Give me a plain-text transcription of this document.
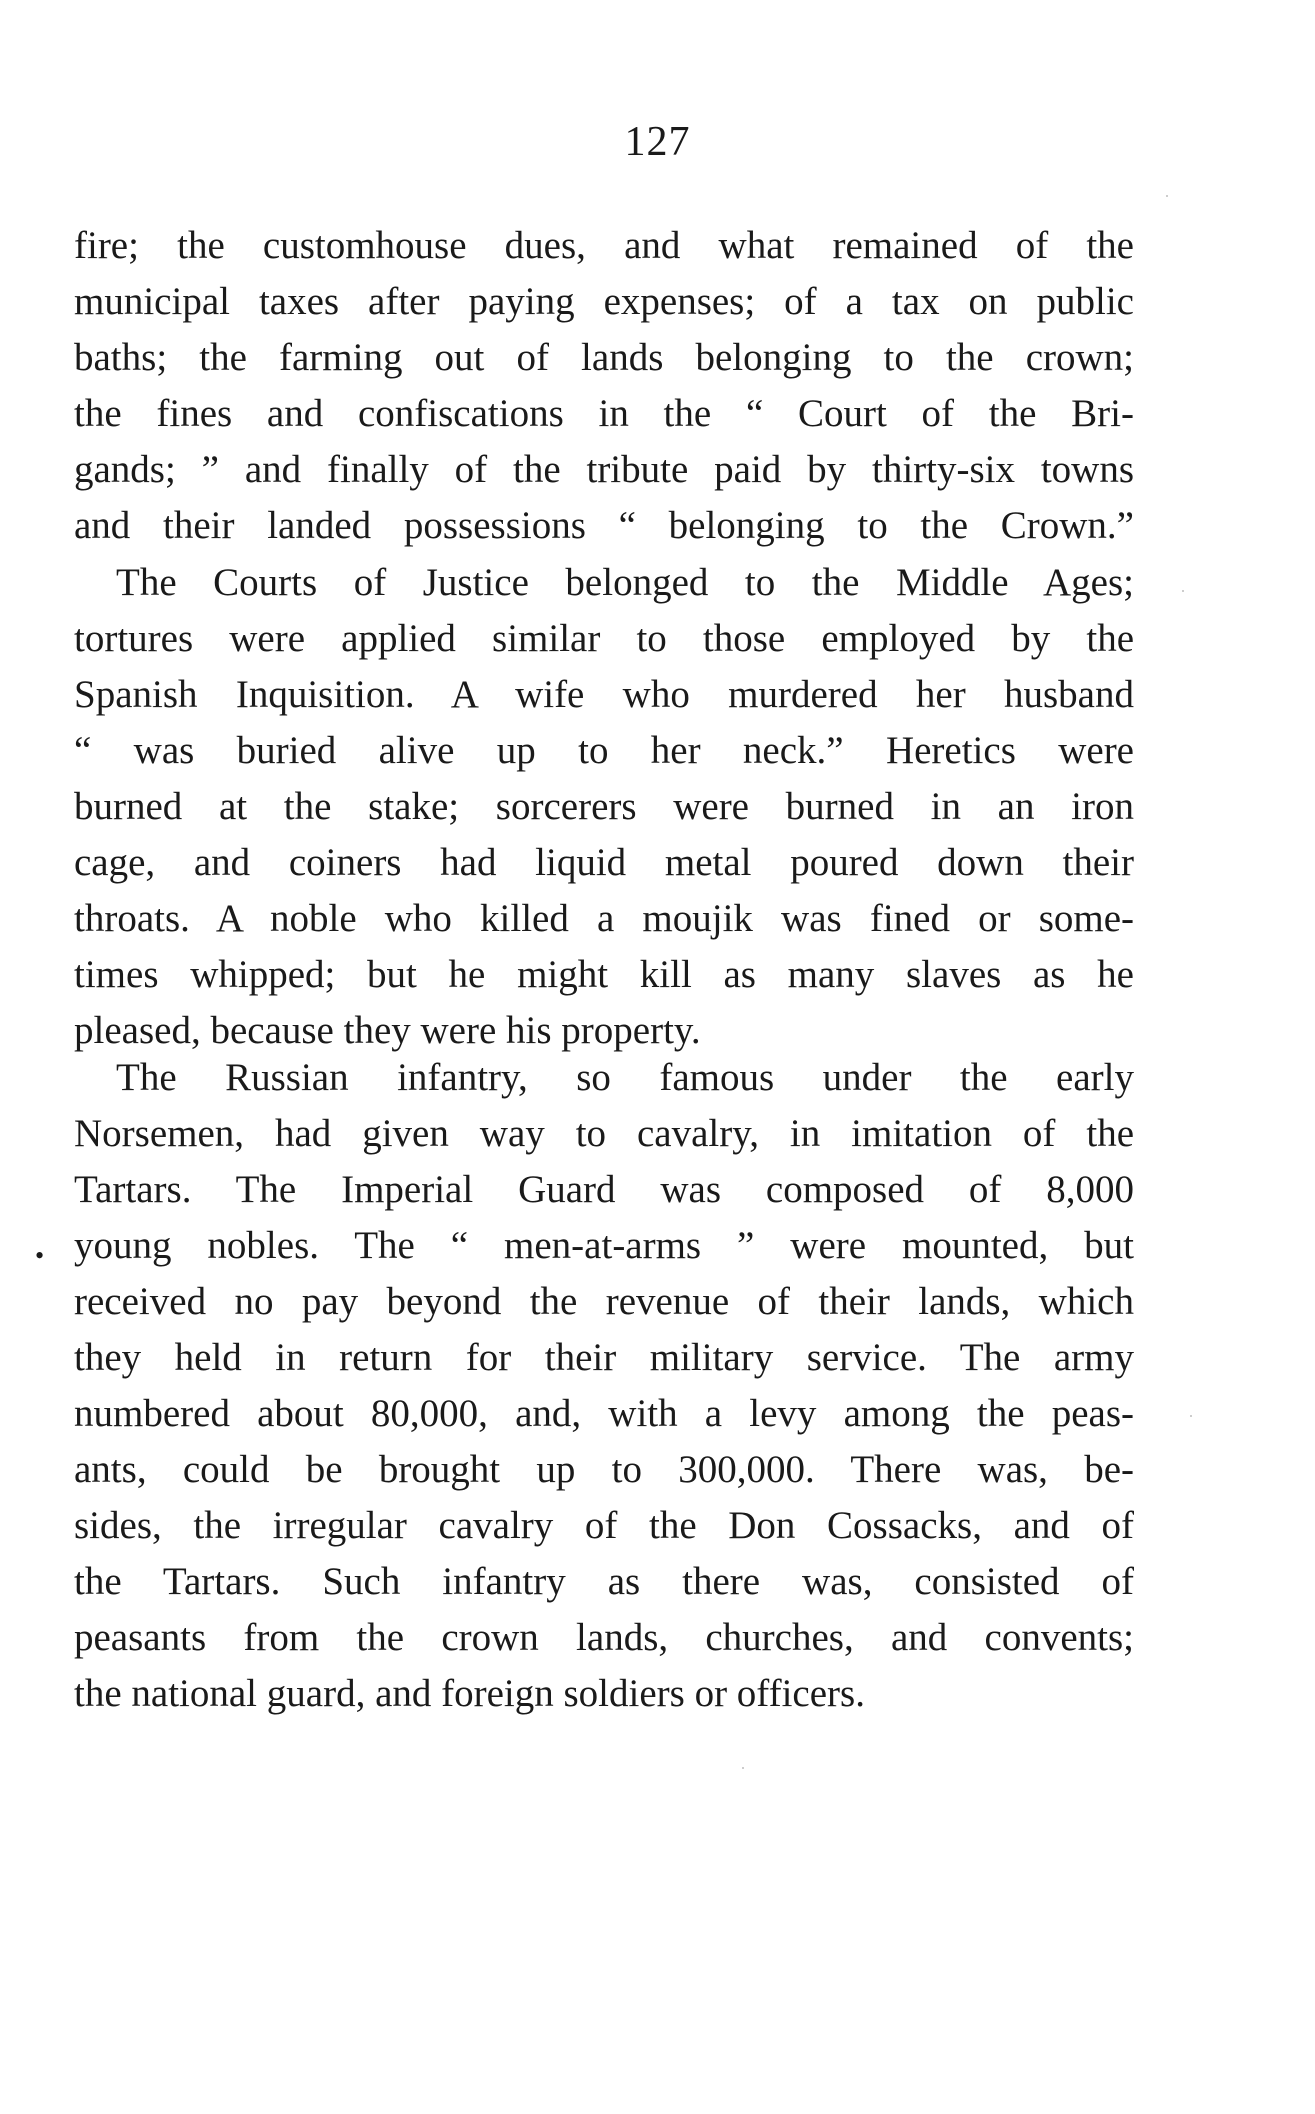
127
•
fire; the customhouse dues, and what remained of the
municipal taxes after paying expenses; of a tax on public
baths; the farming out of lands belonging to the crown;
the fines and confiscations in the “ Court of the Bri-
gands; ” and finally of the tribute paid by thirty-six towns
and their landed possessions “ belonging to the Crown.”
The Courts of Justice belonged to the Middle Ages;
tortures were applied similar to those employed by the
Spanish Inquisition. A wife who murdered her husband
“ was buried alive up to her neck.” Heretics were
burned at the stake; sorcerers were burned in an iron
cage, and coiners had liquid metal poured down their
throats. A noble who killed a moujik was fined or some-
times whipped; but he might kill as many slaves as he
pleased, because they were his property.
The Russian infantry, so famous under the early
Norsemen, had given way to cavalry, in imitation of the
Tartars. The Imperial Guard was composed of 8,000
young nobles. The “ men-at-arms ” were mounted, but
received no pay beyond the revenue of their lands, which
they held in return for their military service. The army
numbered about 80,000, and, with a levy among the peas-
ants, could be brought up to 300,000. There was, be-
sides, the irregular cavalry of the Don Cossacks, and of
the Tartars. Such infantry as there was, consisted of
peasants from the crown lands, churches, and convents;
the national guard, and foreign soldiers or officers.
